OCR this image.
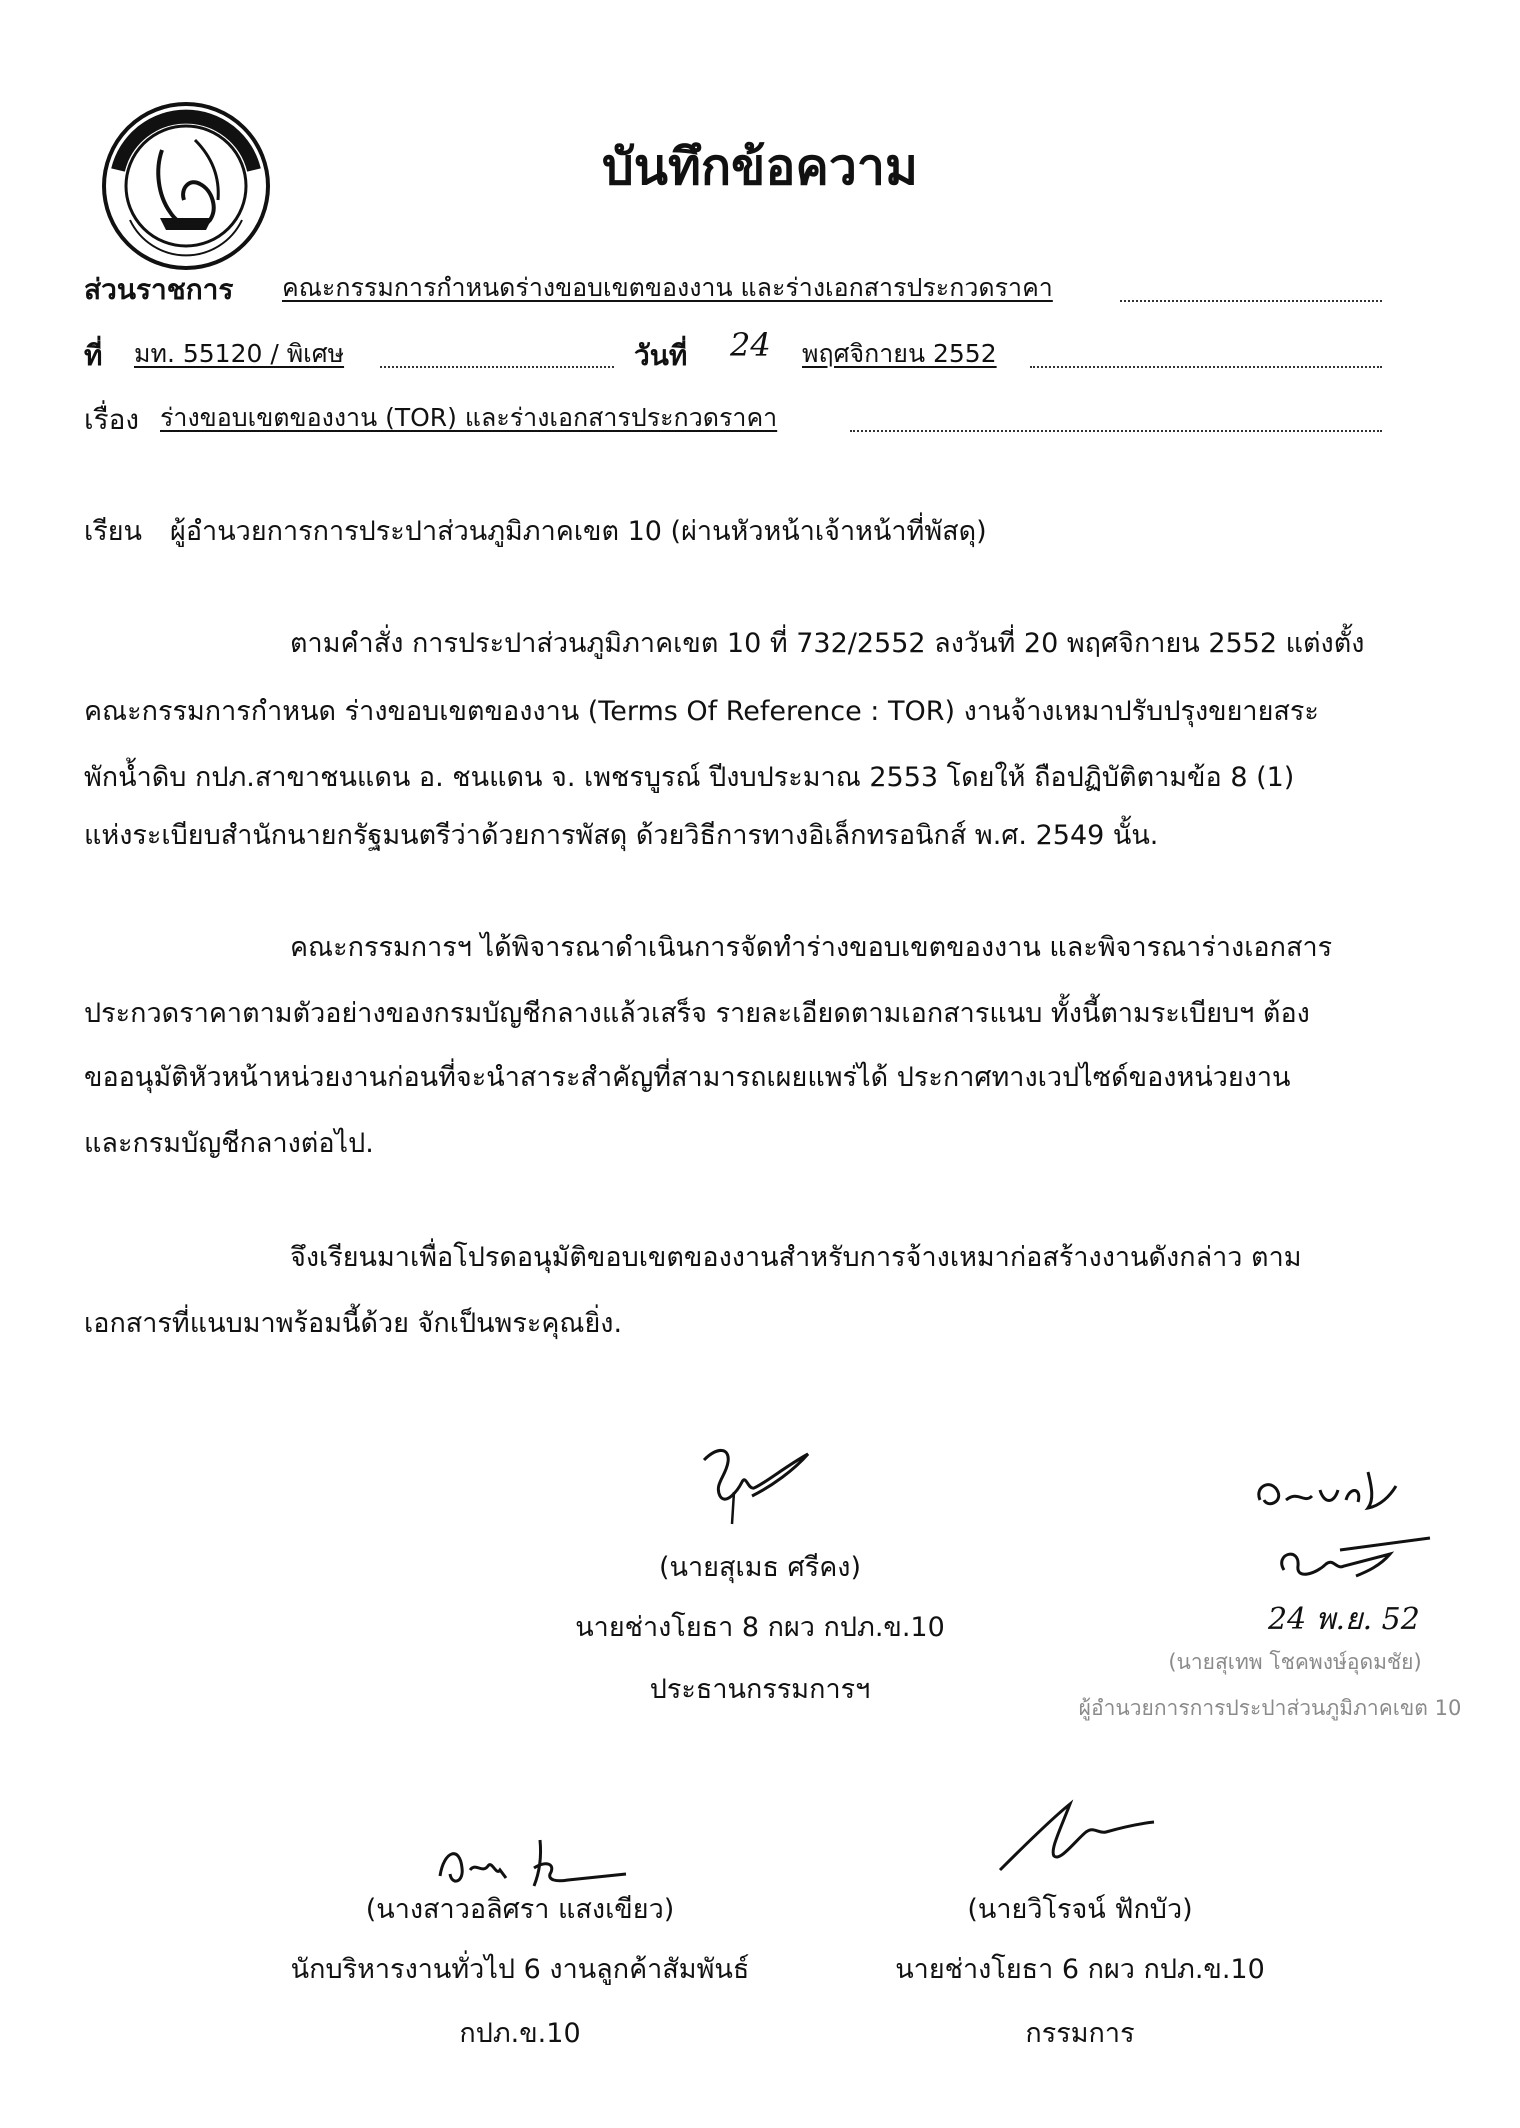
บันทึกข้อความ
ส่วนราชการ คณะกรรมการกำหนดร่างขอบเขตของงาน และร่างเอกสารประกวดราคา
ที่ มท. 55120 / พิเศษ	วันที่ 24 พฤศจิกายน 2552
เรื่อง ร่างขอบเขตของงาน (TOR) และร่างเอกสารประกวดราคา
เรียน ผู้อำนวยการการประปาส่วนภูมิภาคเขต 10 (ผ่านหัวหน้าเจ้าหน้าที่พัสดุ)
ตามคำสั่ง การประปาส่วนภูมิภาคเขต 10 ที่ 732/2552 ลงวันที่ 20 พฤศจิกายน 2552 แต่งตั้ง
คณะกรรมการกำหนด ร่างขอบเขตของงาน (Terms Of Reference : TOR) งานจ้างเหมาปรับปรุงขยายสระ
พักน้ำดิบ กปภ.สาขาชนแดน อ. ชนแดน จ. เพชรบูรณ์ ปีงบประมาณ 2553 โดยให้ ถือปฏิบัติตามข้อ 8 (1)
แห่งระเบียบสำนักนายกรัฐมนตรีว่าด้วยการพัสดุ ด้วยวิธีการทางอิเล็กทรอนิกส์ พ.ศ. 2549 นั้น.
คณะกรรมการฯ ได้พิจารณาดำเนินการจัดทำร่างขอบเขตของงาน และพิจารณาร่างเอกสาร
ประกวดราคาตามตัวอย่างของกรมบัญชีกลางแล้วเสร็จ รายละเอียดตามเอกสารแนบ ทั้งนี้ตามระเบียบฯ ต้อง
ขออนุมัติหัวหน้าหน่วยงานก่อนที่จะนำสาระสำคัญที่สามารถเผยแพร่ได้ ประกาศทางเวปไซด์ของหน่วยงาน
และกรมบัญชีกลางต่อไป.
จึงเรียนมาเพื่อโปรดอนุมัติขอบเขตของงานสำหรับการจ้างเหมาก่อสร้างงานดังกล่าว ตาม
เอกสารที่แนบมาพร้อมนี้ด้วย จักเป็นพระคุณยิ่ง.
(นายสุเมธ ศรีคง)
นายช่างโยธา 8 กผว กปภ.ข.10
ประธานกรรมการฯ
24 พ.ย. 52
(นายสุเทพ โชคพงษ์อุดมชัย)
ผู้อำนวยการการประปาส่วนภูมิภาคเขต 10
(นางสาวอลิศรา แสงเขียว)
นักบริหารงานทั่วไป 6 งานลูกค้าสัมพันธ์
กปภ.ข.10
(นายวิโรจน์ ฟักบัว)
นายช่างโยธา 6 กผว กปภ.ข.10
กรรมการ
